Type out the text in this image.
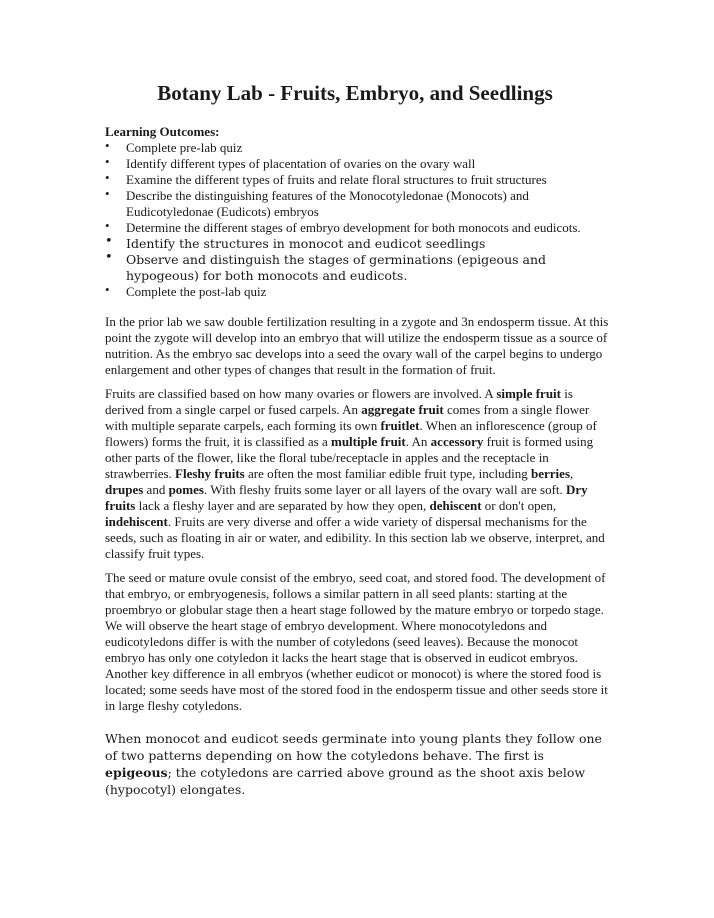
Botany Lab - Fruits, Embryo, and Seedlings
Learning Outcomes:
• Complete pre-lab quiz
• Identify different types of placentation of ovaries on the ovary wall
• Examine the different types of fruits and relate floral structures to fruit structures
• Describe the distinguishing features of the Monocotyledonae (Monocots) and Eudicotyledonae (Eudicots) embryos
• Determine the different stages of embryo development for both monocots and eudicots.
• Identify the structures in monocot and eudicot seedlings
• Observe and distinguish the stages of germinations (epigeous and hypogeous) for both monocots and eudicots.
• Complete the post-lab quiz

In the prior lab we saw double fertilization resulting in a zygote and 3n endosperm tissue. At this point the zygote will develop into an embryo that will utilize the endosperm tissue as a source of nutrition. As the embryo sac develops into a seed the ovary wall of the carpel begins to undergo enlargement and other types of changes that result in the formation of fruit.

Fruits are classified based on how many ovaries or flowers are involved. A simple fruit is derived from a single carpel or fused carpels. An aggregate fruit comes from a single flower with multiple separate carpels, each forming its own fruitlet. When an inflorescence (group of flowers) forms the fruit, it is classified as a multiple fruit. An accessory fruit is formed using other parts of the flower, like the floral tube/receptacle in apples and the receptacle in strawberries. Fleshy fruits are often the most familiar edible fruit type, including berries, drupes and pomes. With fleshy fruits some layer or all layers of the ovary wall are soft. Dry fruits lack a fleshy layer and are separated by how they open, dehiscent or don't open, indehiscent. Fruits are very diverse and offer a wide variety of dispersal mechanisms for the seeds, such as floating in air or water, and edibility. In this section lab we observe, interpret, and classify fruit types.

The seed or mature ovule consist of the embryo, seed coat, and stored food. The development of that embryo, or embryogenesis, follows a similar pattern in all seed plants: starting at the proembryo or globular stage then a heart stage followed by the mature embryo or torpedo stage. We will observe the heart stage of embryo development. Where monocotyledons and eudicotyledons differ is with the number of cotyledons (seed leaves). Because the monocot embryo has only one cotyledon it lacks the heart stage that is observed in eudicot embryos. Another key difference in all embryos (whether eudicot or monocot) is where the stored food is located; some seeds have most of the stored food in the endosperm tissue and other seeds store it in large fleshy cotyledons.

When monocot and eudicot seeds germinate into young plants they follow one of two patterns depending on how the cotyledons behave. The first is epigeous; the cotyledons are carried above ground as the shoot axis below (hypocotyl) elongates.
